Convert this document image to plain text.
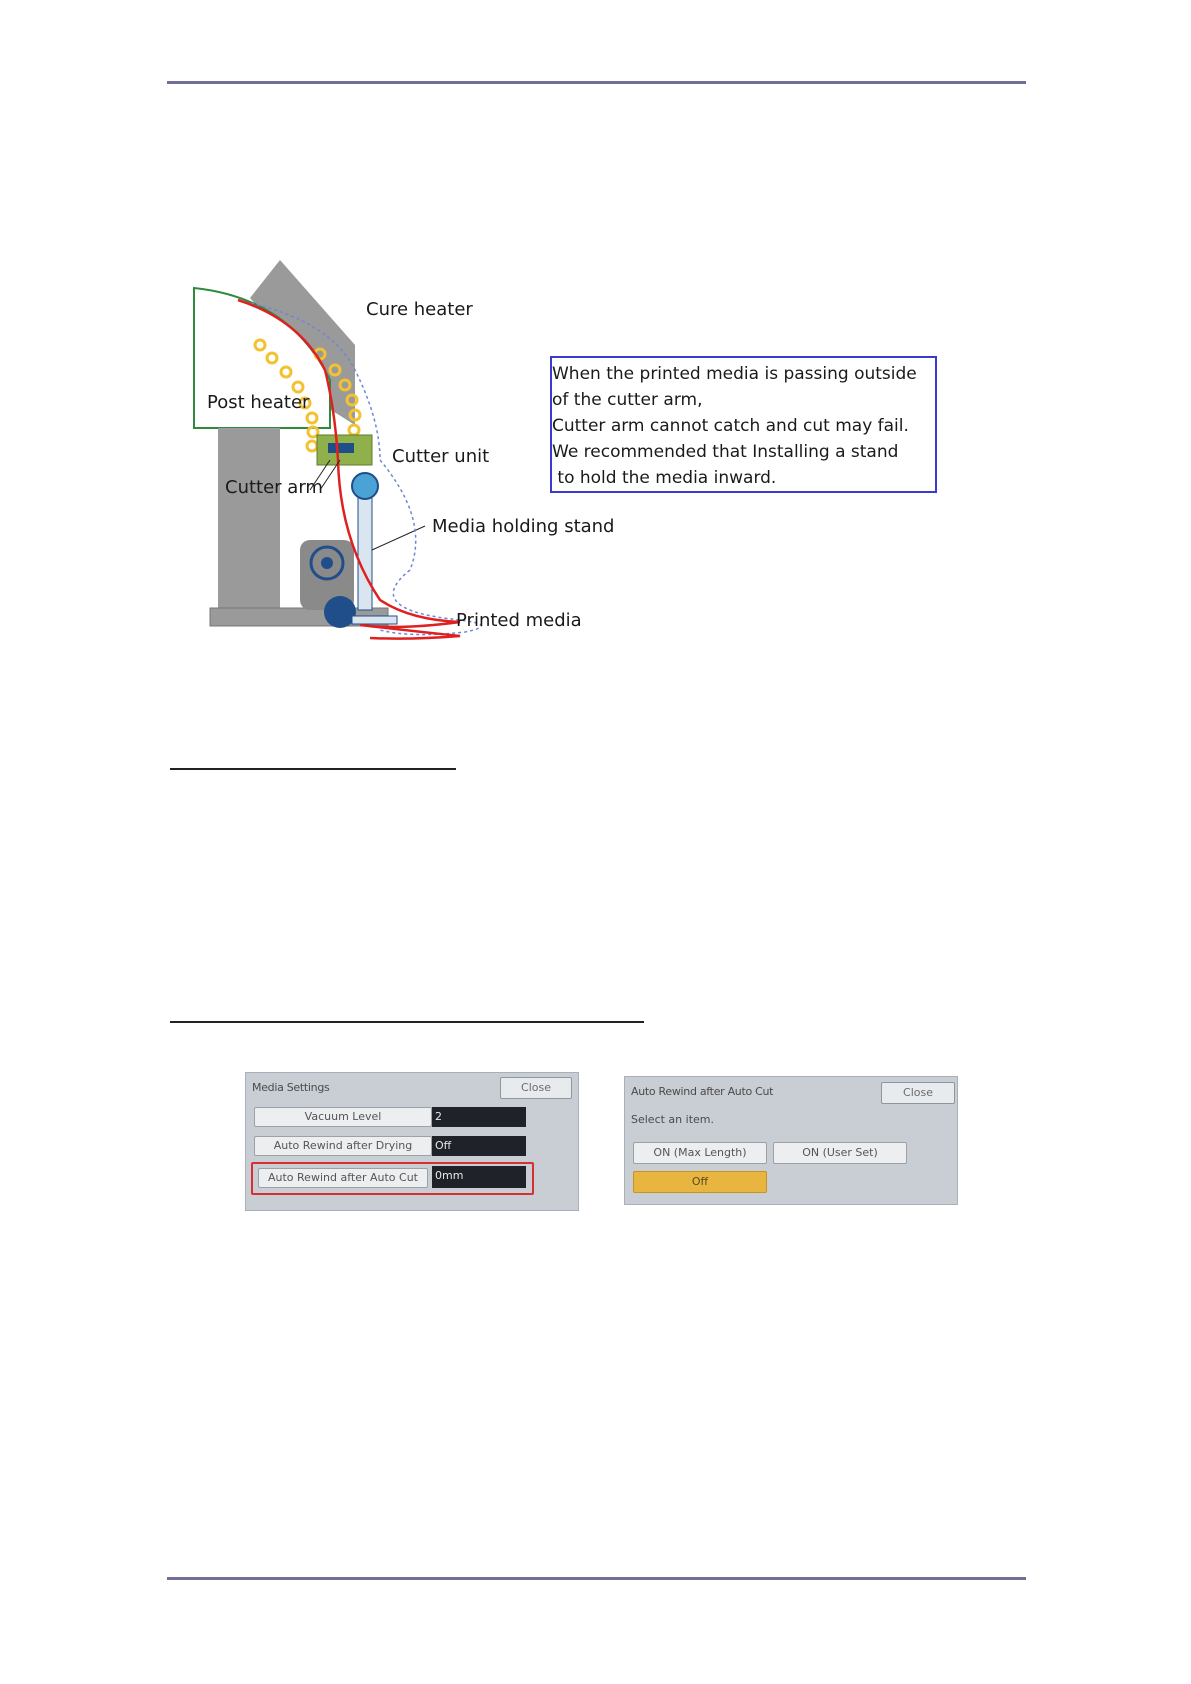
Cure heater
Post heater
Cutter unit
Cutter arm
Media holding stand
Printed media
When the printed media is passing outside
of the cutter arm,
Cutter arm cannot catch and cut may fail.
We recommended that Installing a stand
to hold the media inward.
Media Settings	Close
Vacuum Level	2
Auto Rewind after Drying	Off
Auto Rewind after Auto Cut	0mm
Auto Rewind after Auto Cut	Close
Select an item.
ON (Max Length)	ON (User Set)
Off
